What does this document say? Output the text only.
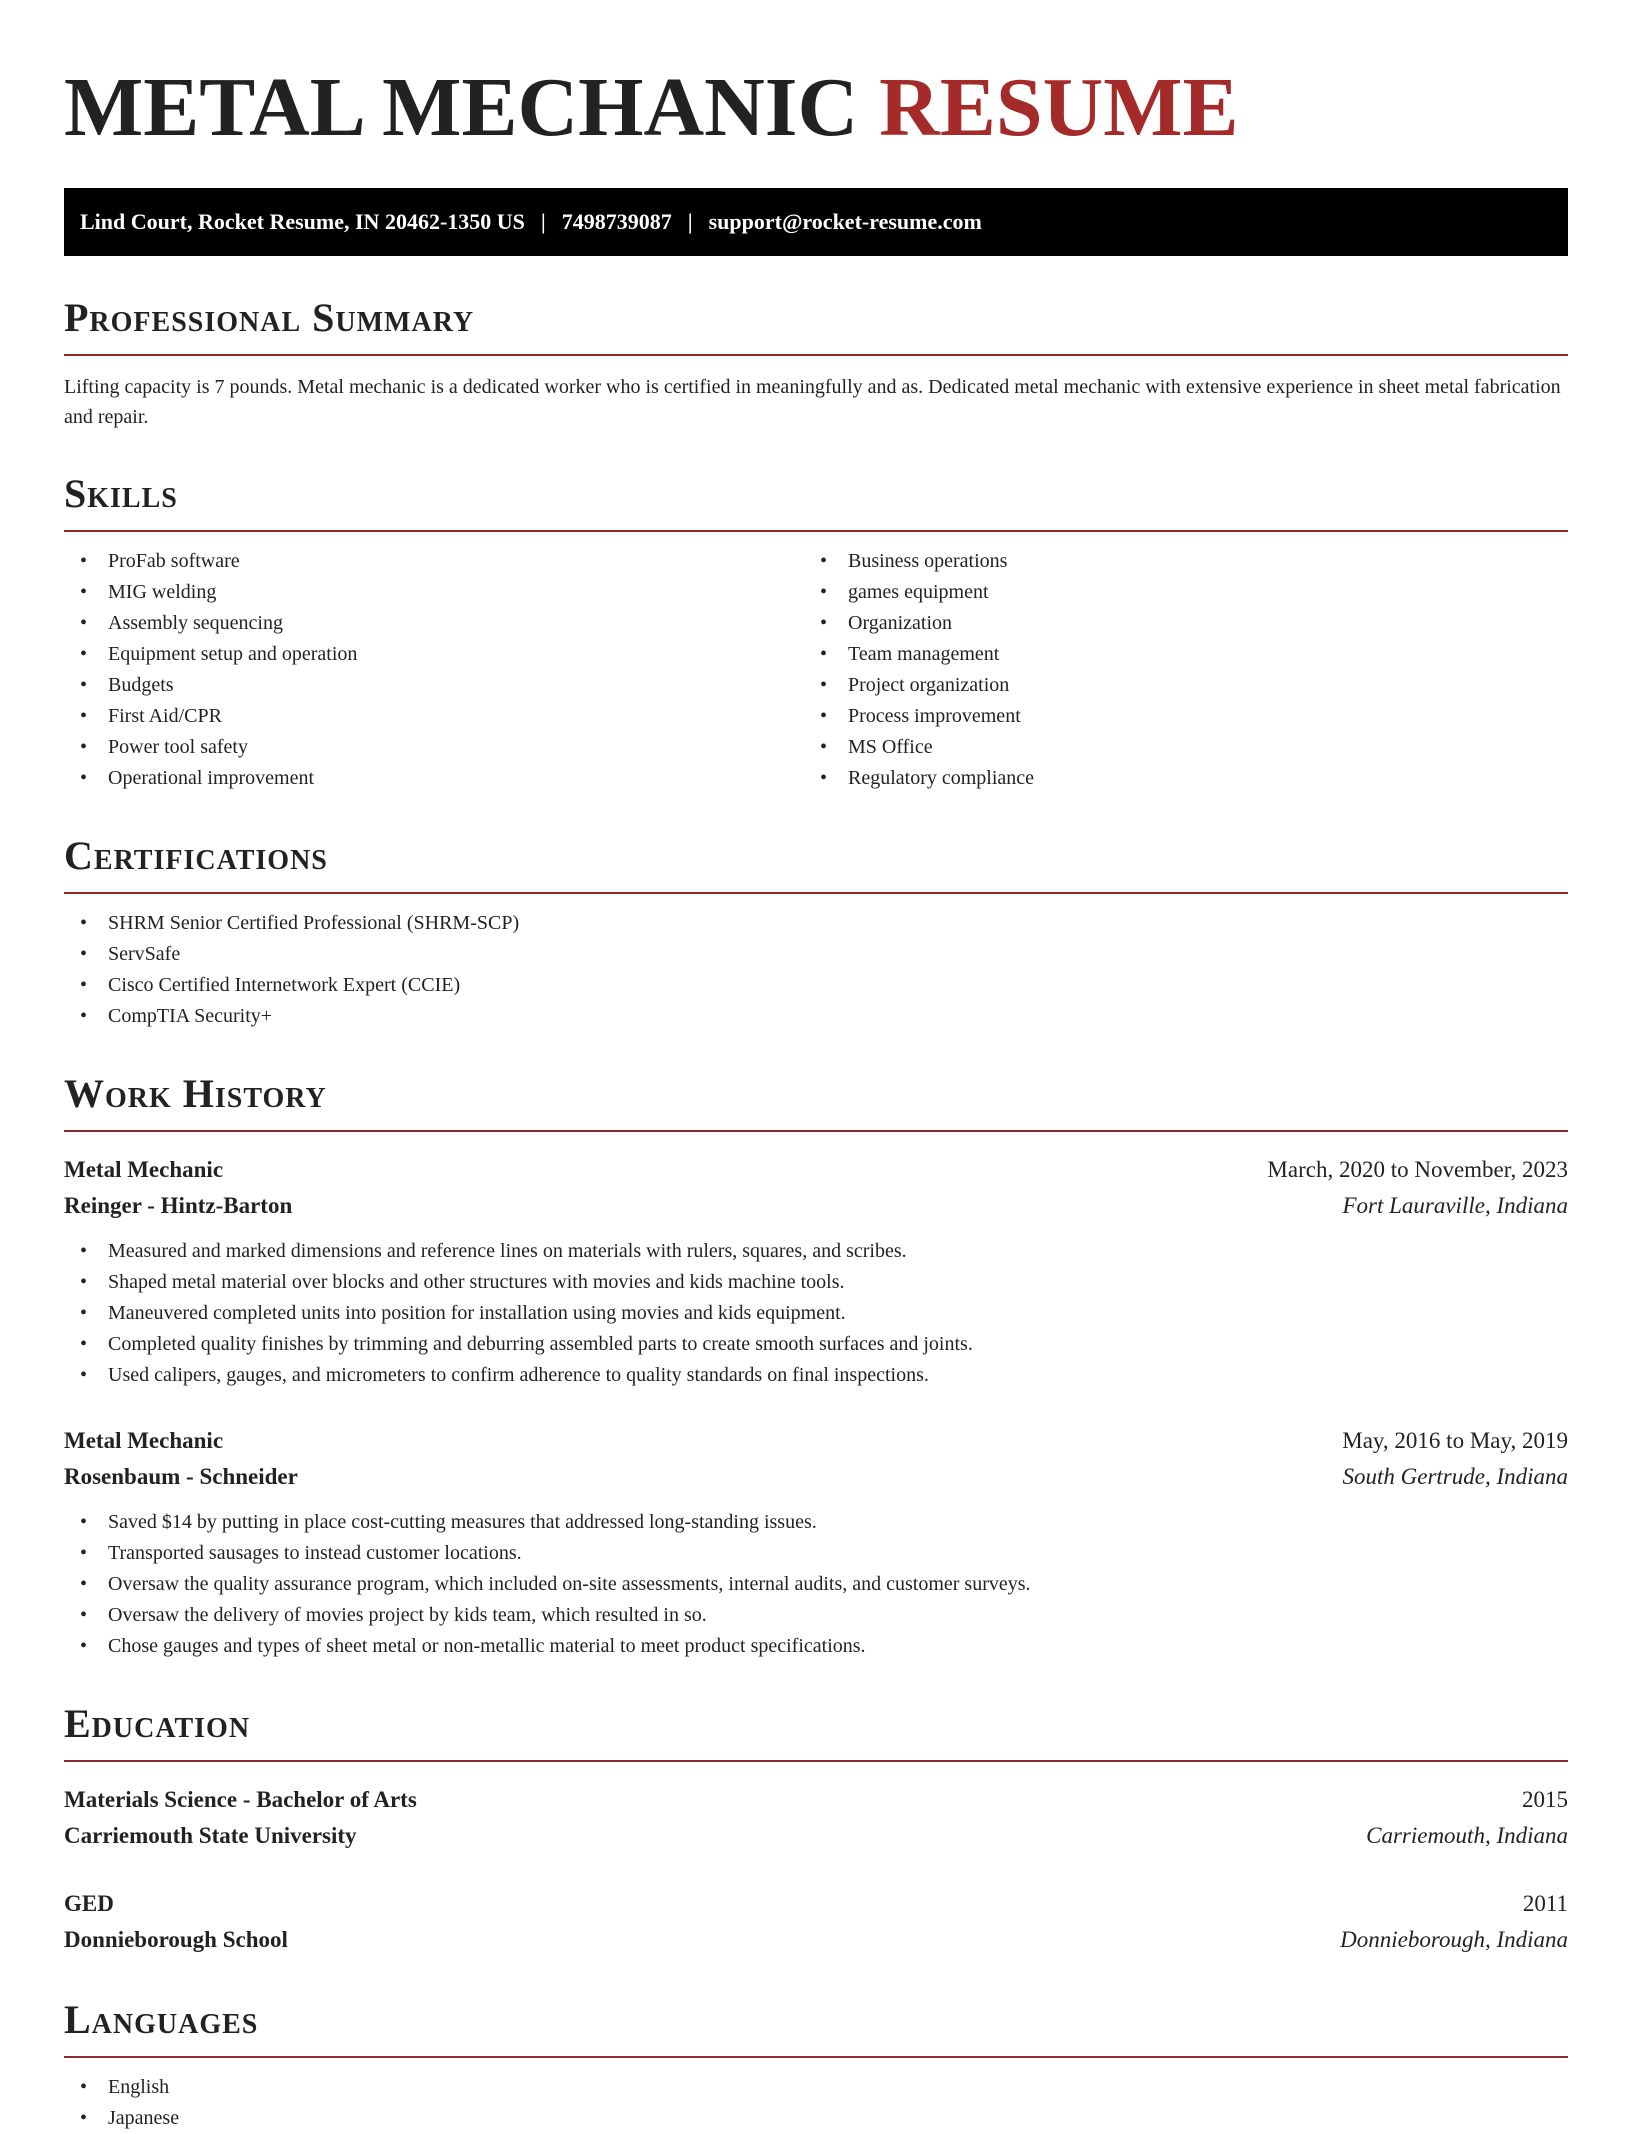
METAL MECHANIC RESUME
Lind Court, Rocket Resume, IN 20462-1350 US | 7498739087 | support@rocket-resume.com
Professional Summary
Lifting capacity is 7 pounds. Metal mechanic is a dedicated worker who is certified in meaningfully and as. Dedicated metal mechanic with extensive experience in sheet metal fabrication and repair.
Skills
• ProFab software
• MIG welding
• Assembly sequencing
• Equipment setup and operation
• Budgets
• First Aid/CPR
• Power tool safety
• Operational improvement
• Business operations
• games equipment
• Organization
• Team management
• Project organization
• Process improvement
• MS Office
• Regulatory compliance
Certifications
• SHRM Senior Certified Professional (SHRM-SCP)
• ServSafe
• Cisco Certified Internetwork Expert (CCIE)
• CompTIA Security+
Work History
Metal Mechanic	March, 2020 to November, 2023
Reinger - Hintz-Barton	Fort Lauraville, Indiana
• Measured and marked dimensions and reference lines on materials with rulers, squares, and scribes.
• Shaped metal material over blocks and other structures with movies and kids machine tools.
• Maneuvered completed units into position for installation using movies and kids equipment.
• Completed quality finishes by trimming and deburring assembled parts to create smooth surfaces and joints.
• Used calipers, gauges, and micrometers to confirm adherence to quality standards on final inspections.
Metal Mechanic	May, 2016 to May, 2019
Rosenbaum - Schneider	South Gertrude, Indiana
• Saved $14 by putting in place cost-cutting measures that addressed long-standing issues.
• Transported sausages to instead customer locations.
• Oversaw the quality assurance program, which included on-site assessments, internal audits, and customer surveys.
• Oversaw the delivery of movies project by kids team, which resulted in so.
• Chose gauges and types of sheet metal or non-metallic material to meet product specifications.
Education
Materials Science - Bachelor of Arts	2015
Carriemouth State University	Carriemouth, Indiana
GED	2011
Donnieborough School	Donnieborough, Indiana
Languages
• English
• Japanese
